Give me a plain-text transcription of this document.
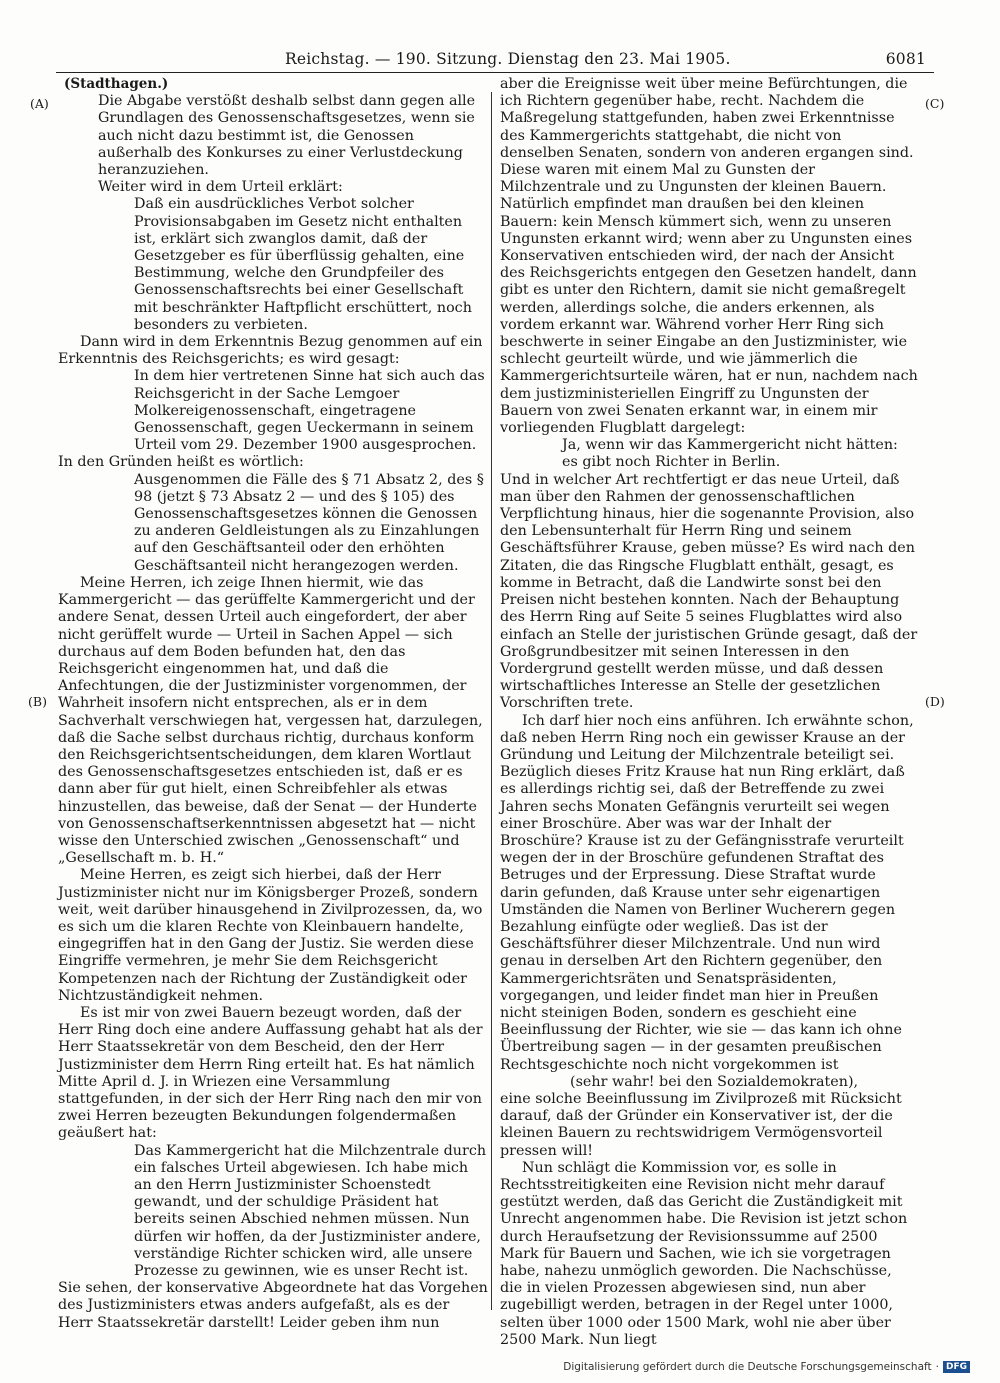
Reichstag. — 190. Sitzung. Dienstag den 23. Mai 1905.	6081
(A)
(B)
(C)
(D)

(Stadthagen.)

Die Abgabe verstößt deshalb selbst dann gegen alle Grundlagen des Genossenschaftsgesetzes, wenn sie auch nicht dazu bestimmt ist, die Genossen außerhalb des Konkurses zu einer Verlustdeckung heranzuziehen.

Weiter wird in dem Urteil erklärt:

Daß ein ausdrückliches Verbot solcher Provisionsabgaben im Gesetz nicht enthalten ist, erklärt sich zwanglos damit, daß der Gesetzgeber es für überflüssig gehalten, eine Bestimmung, welche den Grundpfeiler des Genossenschaftsrechts bei einer Gesellschaft mit beschränkter Haftpflicht erschüttert, noch besonders zu verbieten.

Dann wird in dem Erkenntnis Bezug genommen auf ein Erkenntnis des Reichsgerichts; es wird gesagt:

In dem hier vertretenen Sinne hat sich auch das Reichsgericht in der Sache Lemgoer Molkereigenossenschaft, eingetragene Genossenschaft, gegen Ueckermann in seinem Urteil vom 29. Dezember 1900 ausgesprochen.

In den Gründen heißt es wörtlich:

Ausgenommen die Fälle des § 71 Absatz 2, des § 98 (jetzt § 73 Absatz 2 — und des § 105) des Genossenschaftsgesetzes können die Genossen zu anderen Geldleistungen als zu Einzahlungen auf den Geschäftsanteil oder den erhöhten Geschäftsanteil nicht herangezogen werden.

Meine Herren, ich zeige Ihnen hiermit, wie das Kammergericht — das gerüffelte Kammergericht und der andere Senat, dessen Urteil auch eingefordert, der aber nicht gerüffelt wurde — Urteil in Sachen Appel — sich durchaus auf dem Boden befunden hat, den das Reichsgericht eingenommen hat, und daß die Anfechtungen, die der Justizminister vorgenommen, der Wahrheit insofern nicht entsprechen, als er in dem Sachverhalt verschwiegen hat, vergessen hat, darzulegen, daß die Sache selbst durchaus richtig, durchaus konform den Reichsgerichtsentscheidungen, dem klaren Wortlaut des Genossenschaftsgesetzes entschieden ist, daß er es dann aber für gut hielt, einen Schreibfehler als etwas hinzustellen, das beweise, daß der Senat — der Hunderte von Genossenschaftserkenntnissen abgesetzt hat — nicht wisse den Unterschied zwischen „Genossenschaft“ und „Gesellschaft m. b. H.“

Meine Herren, es zeigt sich hierbei, daß der Herr Justizminister nicht nur im Königsberger Prozeß, sondern weit, weit darüber hinausgehend in Zivilprozessen, da, wo es sich um die klaren Rechte von Kleinbauern handelte, eingegriffen hat in den Gang der Justiz. Sie werden diese Eingriffe vermehren, je mehr Sie dem Reichsgericht Kompetenzen nach der Richtung der Zuständigkeit oder Nichtzuständigkeit nehmen.

Es ist mir von zwei Bauern bezeugt worden, daß der Herr Ring doch eine andere Auffassung gehabt hat als der Herr Staatssekretär von dem Bescheid, den der Herr Justizminister dem Herrn Ring erteilt hat. Es hat nämlich Mitte April d. J. in Wriezen eine Versammlung stattgefunden, in der sich der Herr Ring nach den mir von zwei Herren bezeugten Bekundungen folgendermaßen geäußert hat:

Das Kammergericht hat die Milchzentrale durch ein falsches Urteil abgewiesen. Ich habe mich an den Herrn Justizminister Schoenstedt gewandt, und der schuldige Präsident hat bereits seinen Abschied nehmen müssen. Nun dürfen wir hoffen, da der Justizminister andere, verständige Richter schicken wird, alle unsere Prozesse zu gewinnen, wie es unser Recht ist.

Sie sehen, der konservative Abgeordnete hat das Vorgehen des Justizministers etwas anders aufgefaßt, als es der Herr Staatssekretär darstellt! Leider geben ihm nun

aber die Ereignisse weit über meine Befürchtungen, die ich Richtern gegenüber habe, recht. Nachdem die Maßregelung stattgefunden, haben zwei Erkenntnisse des Kammergerichts stattgehabt, die nicht von denselben Senaten, sondern von anderen ergangen sind. Diese waren mit einem Mal zu Gunsten der Milchzentrale und zu Ungunsten der kleinen Bauern. Natürlich empfindet man draußen bei den kleinen Bauern: kein Mensch kümmert sich, wenn zu unseren Ungunsten erkannt wird; wenn aber zu Ungunsten eines Konservativen entschieden wird, der nach der Ansicht des Reichsgerichts entgegen den Gesetzen handelt, dann gibt es unter den Richtern, damit sie nicht gemaßregelt werden, allerdings solche, die anders erkennen, als vordem erkannt war. Während vorher Herr Ring sich beschwerte in seiner Eingabe an den Justizminister, wie schlecht geurteilt würde, und wie jämmerlich die Kammergerichtsurteile wären, hat er nun, nachdem nach dem justizministeriellen Eingriff zu Ungunsten der Bauern von zwei Senaten erkannt war, in einem mir vorliegenden Flugblatt dargelegt:

Ja, wenn wir das Kammergericht nicht hätten: es gibt noch Richter in Berlin.

Und in welcher Art rechtfertigt er das neue Urteil, daß man über den Rahmen der genossenschaftlichen Verpflichtung hinaus, hier die sogenannte Provision, also den Lebensunterhalt für Herrn Ring und seinem Geschäftsführer Krause, geben müsse? Es wird nach den Zitaten, die das Ringsche Flugblatt enthält, gesagt, es komme in Betracht, daß die Landwirte sonst bei den Preisen nicht bestehen konnten. Nach der Behauptung des Herrn Ring auf Seite 5 seines Flugblattes wird also einfach an Stelle der juristischen Gründe gesagt, daß der Großgrundbesitzer mit seinen Interessen in den Vordergrund gestellt werden müsse, und daß dessen wirtschaftliches Interesse an Stelle der gesetzlichen Vorschriften trete.

Ich darf hier noch eins anführen. Ich erwähnte schon, daß neben Herrn Ring noch ein gewisser Krause an der Gründung und Leitung der Milchzentrale beteiligt sei. Bezüglich dieses Fritz Krause hat nun Ring erklärt, daß es allerdings richtig sei, daß der Betreffende zu zwei Jahren sechs Monaten Gefängnis verurteilt sei wegen einer Broschüre. Aber was war der Inhalt der Broschüre? Krause ist zu der Gefängnisstrafe verurteilt wegen der in der Broschüre gefundenen Straftat des Betruges und der Erpressung. Diese Straftat wurde darin gefunden, daß Krause unter sehr eigenartigen Umständen die Namen von Berliner Wucherern gegen Bezahlung einfügte oder wegließ. Das ist der Geschäftsführer dieser Milchzentrale. Und nun wird genau in derselben Art den Richtern gegenüber, den Kammergerichtsräten und Senatspräsidenten, vorgegangen, und leider findet man hier in Preußen nicht steinigen Boden, sondern es geschieht eine Beeinflussung der Richter, wie sie — das kann ich ohne Übertreibung sagen — in der gesamten preußischen Rechtsgeschichte noch nicht vorgekommen ist

(sehr wahr! bei den Sozialdemokraten),

eine solche Beeinflussung im Zivilprozeß mit Rücksicht darauf, daß der Gründer ein Konservativer ist, der die kleinen Bauern zu rechtswidrigem Vermögensvorteil pressen will!

Nun schlägt die Kommission vor, es solle in Rechtsstreitigkeiten eine Revision nicht mehr darauf gestützt werden, daß das Gericht die Zuständigkeit mit Unrecht angenommen habe. Die Revision ist jetzt schon durch Heraufsetzung der Revisionssumme auf 2500 Mark für Bauern und Sachen, wie ich sie vorgetragen habe, nahezu unmöglich geworden. Die Nachschüsse, die in vielen Prozessen abgewiesen sind, nun aber zugebilligt werden, betragen in der Regel unter 1000, selten über 1000 oder 1500 Mark, wohl nie aber über 2500 Mark. Nun liegt

Digitalisierung gefördert durch die Deutsche Forschungsgemeinschaft · DFG
